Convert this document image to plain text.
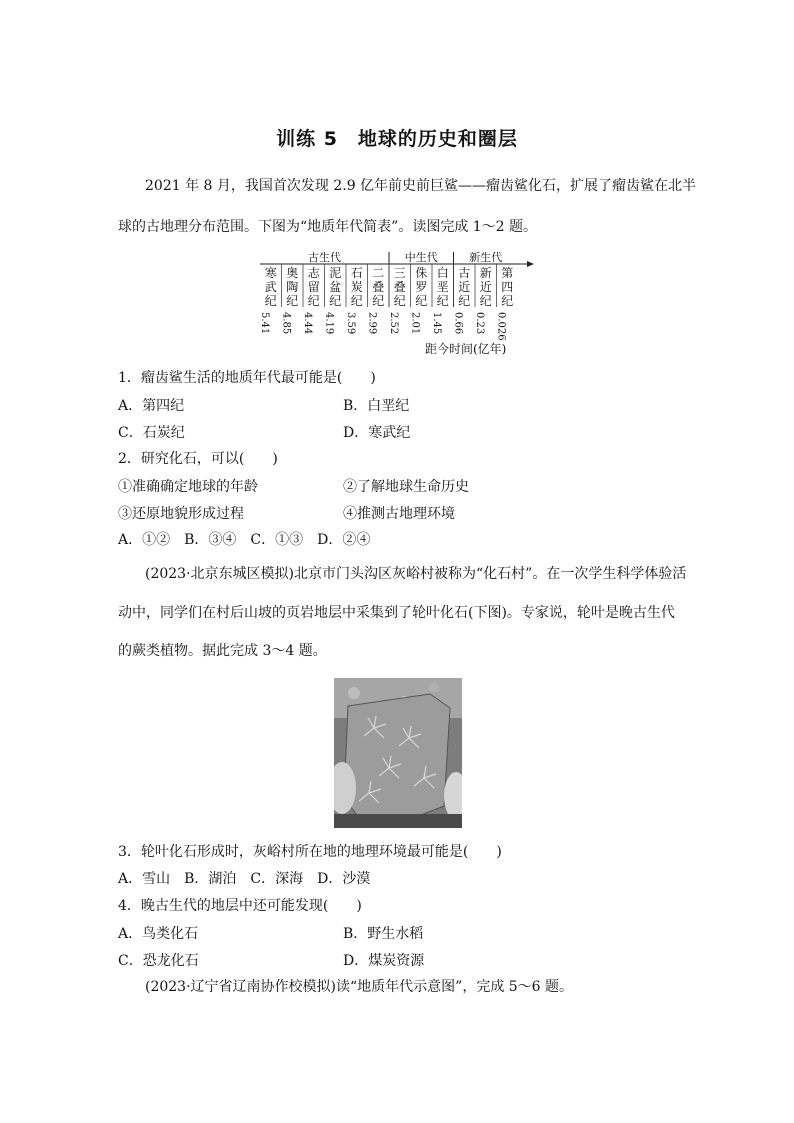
训练 5　地球的历史和圈层
2021 年 8 月，我国首次发现 2.9 亿年前史前巨鲨——瘤齿鲨化石，扩展了瘤齿鲨在北半
球的古地理分布范围。下图为“地质年代简表”。读图完成 1～2 题。
古生代	中生代	新生代
寒
武
纪
5.41
奥
陶
纪
4.85
志
留
纪
4.44
泥
盆
纪
4.19
石
炭
纪
3.59
二
叠
纪
2.99
三
叠
纪
2.52
侏
罗
纪
2.01
白
垩
纪
1.45
古
近
纪
0.66
新
近
纪
0.23
第
四
纪
0.026
距今时间(亿年)
1．瘤齿鲨生活的地质年代最可能是(　　)
A．第四纪	B．白垩纪
C．石炭纪	D．寒武纪
2．研究化石，可以(　　)
①准确确定地球的年龄	②了解地球生命历史
③还原地貌形成过程	④推测古地理环境
A．①②　B．③④　C．①③　D．②④
(2023·北京东城区模拟)北京市门头沟区灰峪村被称为“化石村”。在一次学生科学体验活
动中，同学们在村后山坡的页岩地层中采集到了轮叶化石(下图)。专家说，轮叶是晚古生代
的蕨类植物。据此完成 3～4 题。
3．轮叶化石形成时，灰峪村所在地的地理环境最可能是(　　)
A．雪山　B．湖泊　C．深海　D．沙漠
4．晚古生代的地层中还可能发现(　　)
A．鸟类化石	B．野生水稻
C．恐龙化石	D．煤炭资源
(2023·辽宁省辽南协作校模拟)读“地质年代示意图”，完成 5～6 题。
